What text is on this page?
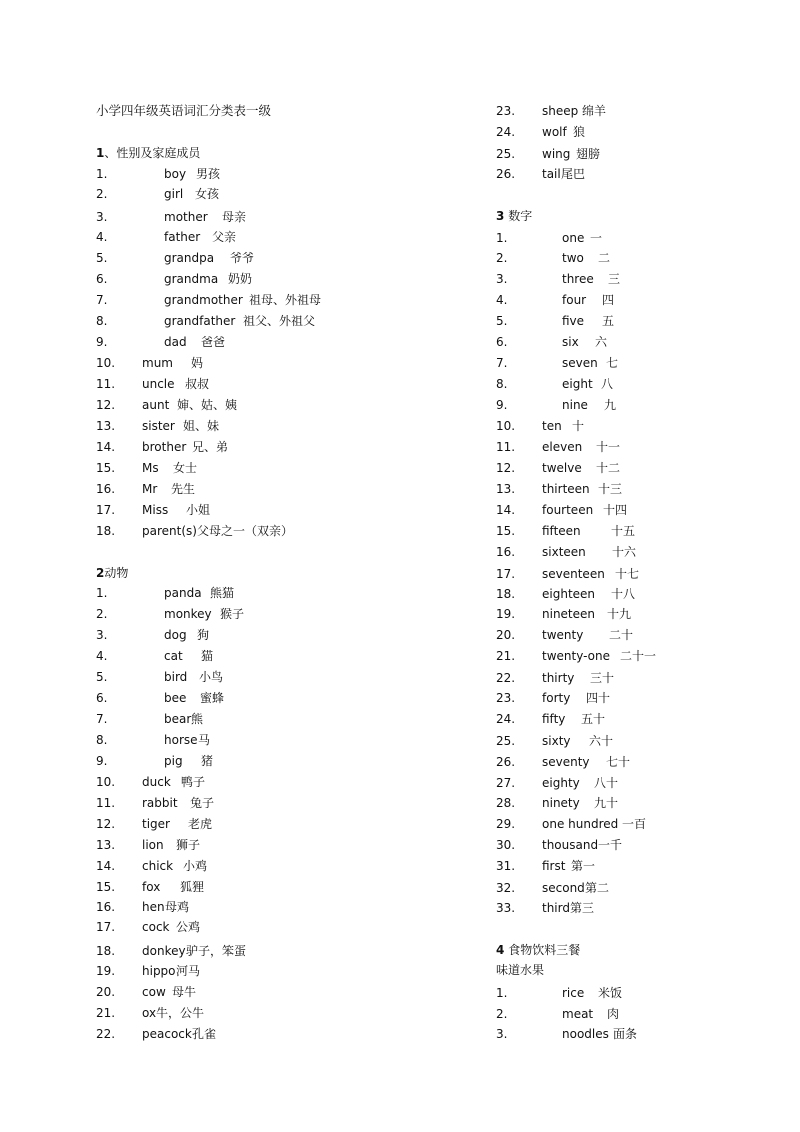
小学四年级英语词汇分类表一级
1、性别及家庭成员
1.	boy 男孩
2.	girl 女孩
3.	mother 母亲
4.	father 父亲
5.	grandpa 爷爷
6.	grandma 奶奶
7.	grandmother 祖母、外祖母
8.	grandfather 祖父、外祖父
9.	dad 爸爸
10. mum 妈
11. uncle 叔叔
12. aunt 婶、姑、姨
13. sister 姐、妹
14. brother 兄、弟
15. Ms 女士
16. Mr 先生
17. Miss 小姐
18. parent(s) 父母之一（双亲）
2动物
1.	panda 熊猫
2.	monkey 猴子
3.	dog 狗
4.	cat 猫
5.	bird 小鸟
6.	bee 蜜蜂
7.	bear 熊
8.	horse 马
9.	pig 猪
10. duck 鸭子
11. rabbit 兔子
12. tiger 老虎
13. lion 狮子
14. chick 小鸡
15. fox 狐狸
16. hen 母鸡
17. cock 公鸡
18. donkey 驴子，笨蛋
19. hippo 河马
20. cow 母牛
21. ox 牛，公牛
22. peacock 孔雀
23. sheep 绵羊
24. wolf 狼
25. wing 翅膀
26. tail 尾巴
3 数字
1.	one 一
2.	two 二
3.	three 三
4.	four 四
5.	five 五
6.	six 六
7.	seven 七
8.	eight 八
9.	nine 九
10. ten 十
11. eleven 十一
12. twelve 十二
13. thirteen 十三
14. fourteen 十四
15. fifteen	十五
16. sixteen 十六
17. seventeen 十七
18. eighteen 十八
19. nineteen 十九
20. twenty 二十
21. twenty-one 二十一
22. thirty 三十
23. forty 四十
24. fifty 五十
25. sixty 六十
26. seventy 七十
27. eighty 八十
28. ninety 九十
29. one hundred 一百
30. thousand 一千
31. first 第一
32. second 第二
33. third 第三
4 食物饮料三餐
味道水果
1.	rice 米饭
2.	meat 肉
3.	noodles 面条
